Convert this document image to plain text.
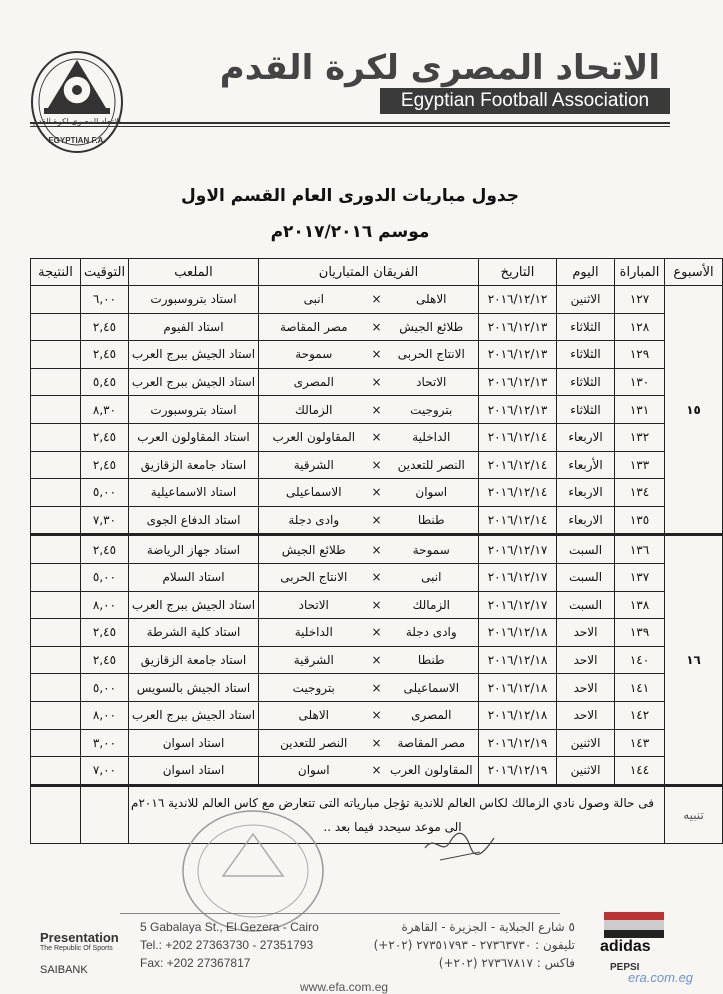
الاتحاد المصرى لكرة القدم
EGYPTIAN F.A.
الاتحاد المصرى لكرة القدم
Egyptian Football Association
جدول مباريات الدورى العام القسم الاول
موسم ٢٠١٧/٢٠١٦م
الأسبوع	المباراة	اليوم	التاريخ	الفريقان المتباريان			الملعب	التوقيت	النتيجة
١٥	١٢٧	الاثنين	٢٠١٦/١٢/١٢	الاهلى	×	انبى	استاد بتروسبورت	٦,٠٠	
	١٢٨	الثلاثاء	٢٠١٦/١٢/١٣	طلائع الجيش	×	مصر المقاصة	استاد الفيوم	٢,٤٥	
	١٢٩	الثلاثاء	٢٠١٦/١٢/١٣	الانتاج الحربى	×	سموحة	استاد الجيش ببرج العرب	٢,٤٥	
	١٣٠	الثلاثاء	٢٠١٦/١٢/١٣	الاتحاد	×	المصرى	استاد الجيش ببرج العرب	٥,٤٥	
	١٣١	الثلاثاء	٢٠١٦/١٢/١٣	بتروجيت	×	الزمالك	استاد بتروسبورت	٨,٣٠	
	١٣٢	الاربعاء	٢٠١٦/١٢/١٤	الداخلية	×	المقاولون العرب	استاد المقاولون العرب	٢,٤٥	
	١٣٣	الأربعاء	٢٠١٦/١٢/١٤	النصر للتعدين	×	الشرقية	استاد جامعة الزقازيق	٢,٤٥	
	١٣٤	الاربعاء	٢٠١٦/١٢/١٤	اسوان	×	الاسماعيلى	استاد الاسماعيلية	٥,٠٠	
	١٣٥	الاربعاء	٢٠١٦/١٢/١٤	طنطا	×	وادى دجلة	استاد الدفاع الجوى	٧,٣٠	
١٦	١٣٦	السبت	٢٠١٦/١٢/١٧	سموحة	×	طلائع الجيش	استاد جهاز الرياضة	٢,٤٥	
	١٣٧	السبت	٢٠١٦/١٢/١٧	انبى	×	الانتاج الحربى	استاد السلام	٥,٠٠	
	١٣٨	السبت	٢٠١٦/١٢/١٧	الزمالك	×	الاتحاد	استاد الجيش ببرج العرب	٨,٠٠	
	١٣٩	الاحد	٢٠١٦/١٢/١٨	وادى دجلة	×	الداخلية	استاد كلية الشرطة	٢,٤٥	
	١٤٠	الاحد	٢٠١٦/١٢/١٨	طنطا	×	الشرقية	استاد جامعة الزقازيق	٢,٤٥	
	١٤١	الاحد	٢٠١٦/١٢/١٨	الاسماعيلى	×	بتروجيت	استاد الجيش بالسويس	٥,٠٠	
	١٤٢	الاحد	٢٠١٦/١٢/١٨	المصرى	×	الاهلى	استاد الجيش ببرج العرب	٨,٠٠	
	١٤٣	الاثنين	٢٠١٦/١٢/١٩	مصر المقاصة	×	النصر للتعدين	استاد اسوان	٣,٠٠	
	١٤٤	الاثنين	٢٠١٦/١٢/١٩	المقاولون العرب	×	اسوان	استاد اسوان	٧,٠٠	
تنبيه	فى حالة وصول نادي الزمالك لكاس العالم للاندية تؤجل مبارياته التى تتعارض مع كاس العالم للاندية ٢٠١٦م
الى موعد سيحدد فيما بعد ..								

٥ شارع الجبلاية - الجزيرة - القاهرة
تليفون : ٢٧٣٦٣٧٣٠ - ٢٧٣٥١٧٩٣ (٢٠٢+)
فاكس : ٢٧٣٦٧٨١٧ (٢٠٢+)
5 Gabalaya St., El Gezera - Cairo
Tel.: +202 27363730 - 27351793
Fax: +202 27367817
Presentation
The Republic Of Sports
SAIBANK
adidas
PEPSI
www.efa.com.eg
era.com.eg
